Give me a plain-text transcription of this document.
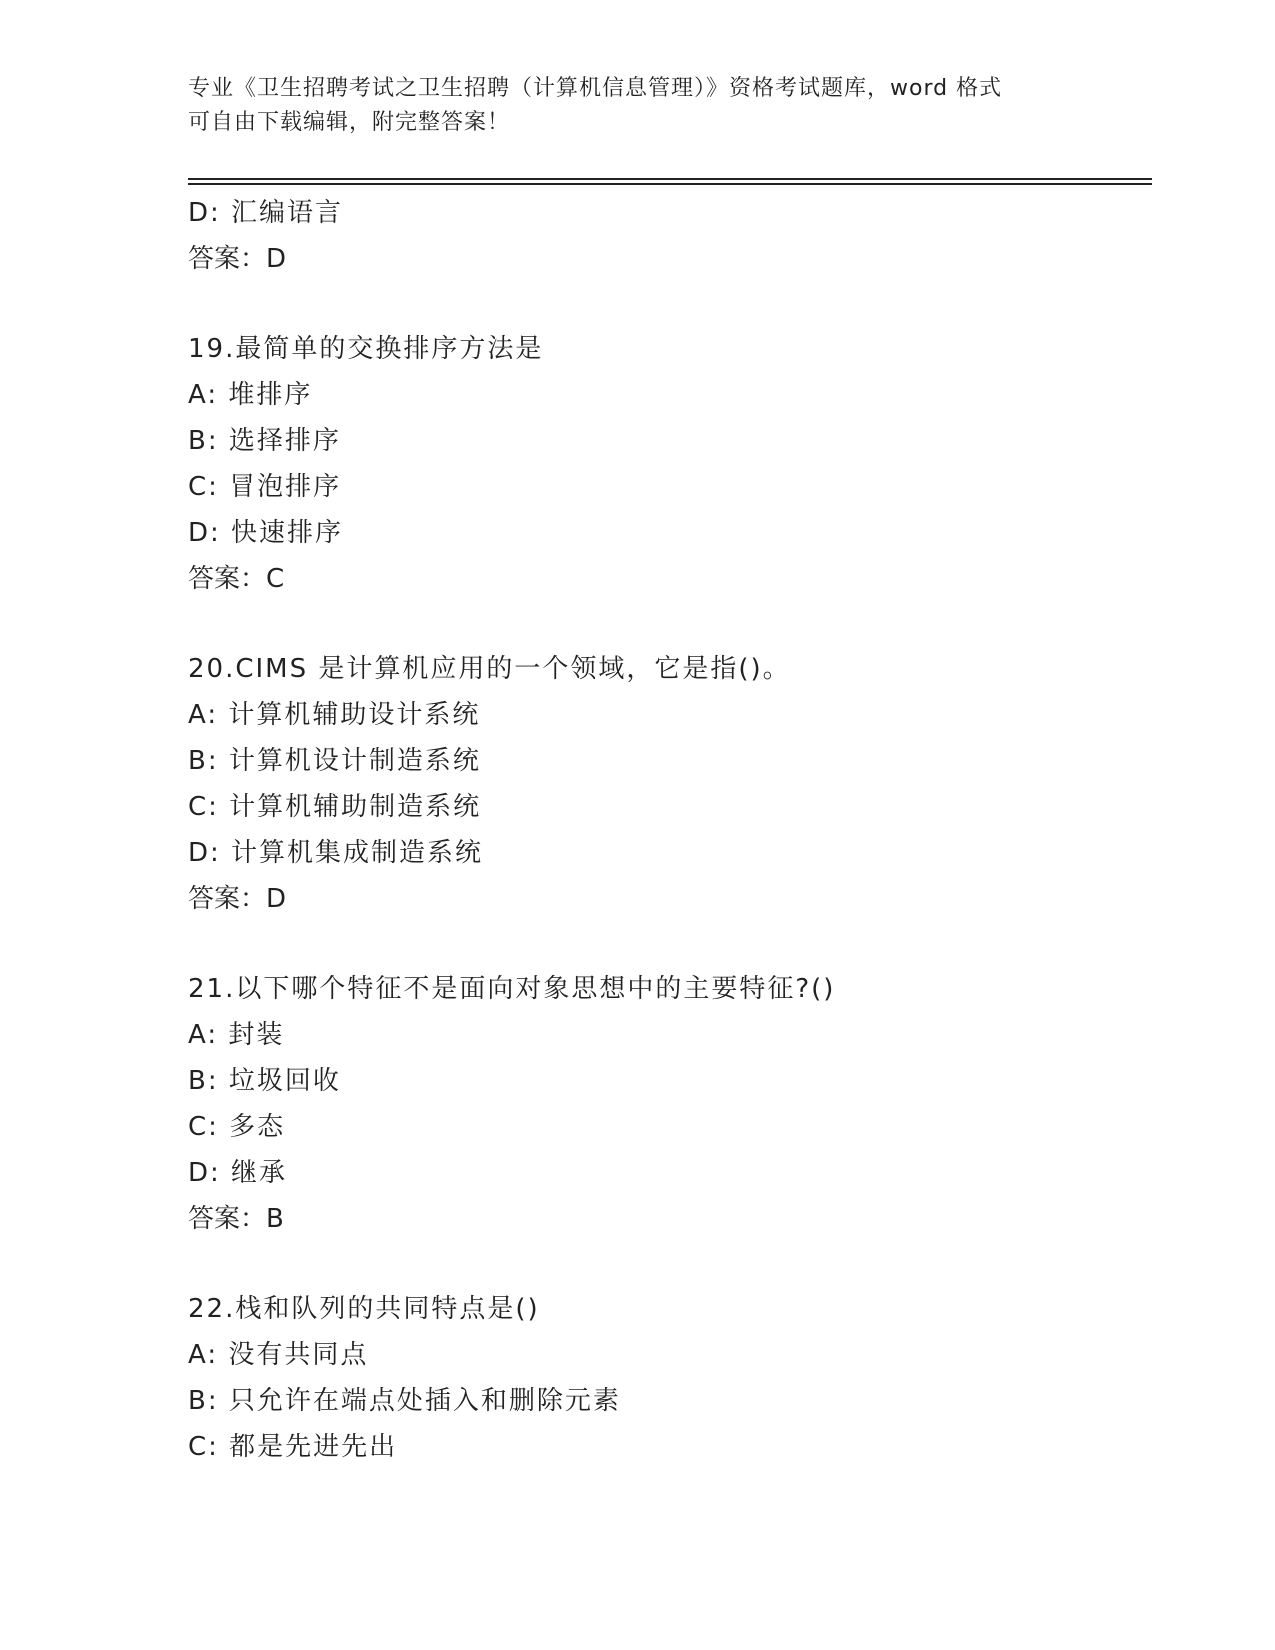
专业《卫生招聘考试之卫生招聘（计算机信息管理）》资格考试题库，word 格式
可自由下载编辑，附完整答案！
D: 汇编语言
答案：D
19.最简单的交换排序方法是
A: 堆排序
B: 选择排序
C: 冒泡排序
D: 快速排序
答案：C
20.CIMS 是计算机应用的一个领域，它是指()。
A: 计算机辅助设计系统
B: 计算机设计制造系统
C: 计算机辅助制造系统
D: 计算机集成制造系统
答案：D
21.以下哪个特征不是面向对象思想中的主要特征?()
A: 封装
B: 垃圾回收
C: 多态
D: 继承
答案：B
22.栈和队列的共同特点是()
A: 没有共同点
B: 只允许在端点处插入和删除元素
C: 都是先进先出
